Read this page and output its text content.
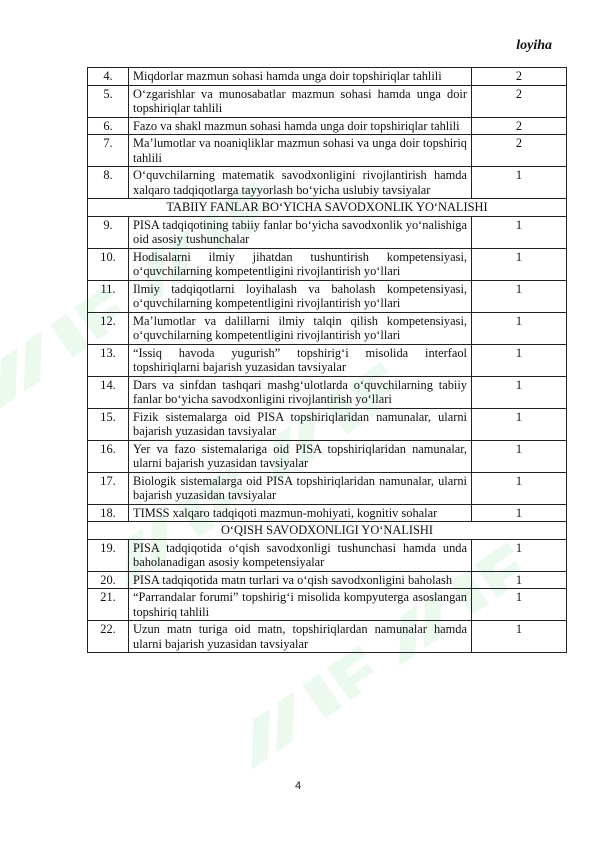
loyiha
4.	Miqdorlar mazmun sohasi hamda unga doir topshiriqlar tahlili	2
5.	O‘zgarishlar va munosabatlar mazmun sohasi hamda unga doir topshiriqlar tahlili	2
6.	Fazo va shakl mazmun sohasi hamda unga doir topshiriqlar tahlili	2
7.	Ma’lumotlar va noaniqliklar mazmun sohasi va unga doir topshiriq tahlili	2
8.	O‘quvchilarning matematik savodxonligini rivojlantirish hamda xalqaro tadqiqotlarga tayyorlash bo‘yicha uslubiy tavsiyalar	1
TABIIY FANLAR BO‘YICHA SAVODXONLIK YO‘NALISHI		
9.	PISA tadqiqotining tabiiy fanlar bo‘yicha savodxonlik yo‘nalishiga oid asosiy tushunchalar	1
10.	Hodisalarni ilmiy jihatdan tushuntirish kompetensiyasi, o‘quvchilarning kompetentligini rivojlantirish yo‘llari	1
11.	Ilmiy tadqiqotlarni loyihalash va baholash kompetensiyasi, o‘quvchilarning kompetentligini rivojlantirish yo‘llari	1
12.	Ma’lumotlar va dalillarni ilmiy talqin qilish kompetensiyasi, o‘quvchilarning kompetentligini rivojlantirish yo‘llari	1
13.	“Issiq havoda yugurish” topshirig‘i misolida interfaol topshiriqlarni bajarish yuzasidan tavsiyalar	1
14.	Dars va sinfdan tashqari mashg‘ulotlarda o‘quvchilarning tabiiy fanlar bo‘yicha savodxonligini rivojlantirish yo‘llari	1
15.	Fizik sistemalarga oid PISA topshiriqlaridan namunalar, ularni bajarish yuzasidan tavsiyalar	1
16.	Yer va fazo sistemalariga oid PISA topshiriqlaridan namunalar, ularni bajarish yuzasidan tavsiyalar	1
17.	Biologik sistemalarga oid PISA topshiriqlaridan namunalar, ularni bajarish yuzasidan tavsiyalar	1
18.	TIMSS xalqaro tadqiqoti mazmun-mohiyati, kognitiv sohalar	1
O‘QISH SAVODXONLIGI YO‘NALISHI		
19.	PISA tadqiqotida o‘qish savodxonligi tushunchasi hamda unda baholanadigan asosiy kompetensiyalar	1
20.	PISA tadqiqotida matn turlari va o‘qish savodxonligini baholash	1
21.	“Parrandalar forumi” topshirig‘i misolida kompyuterga asoslangan topshiriq tahlili	1
22.	Uzun matn turiga oid matn, topshiriqlardan namunalar hamda ularni bajarish yuzasidan tavsiyalar	1
4
